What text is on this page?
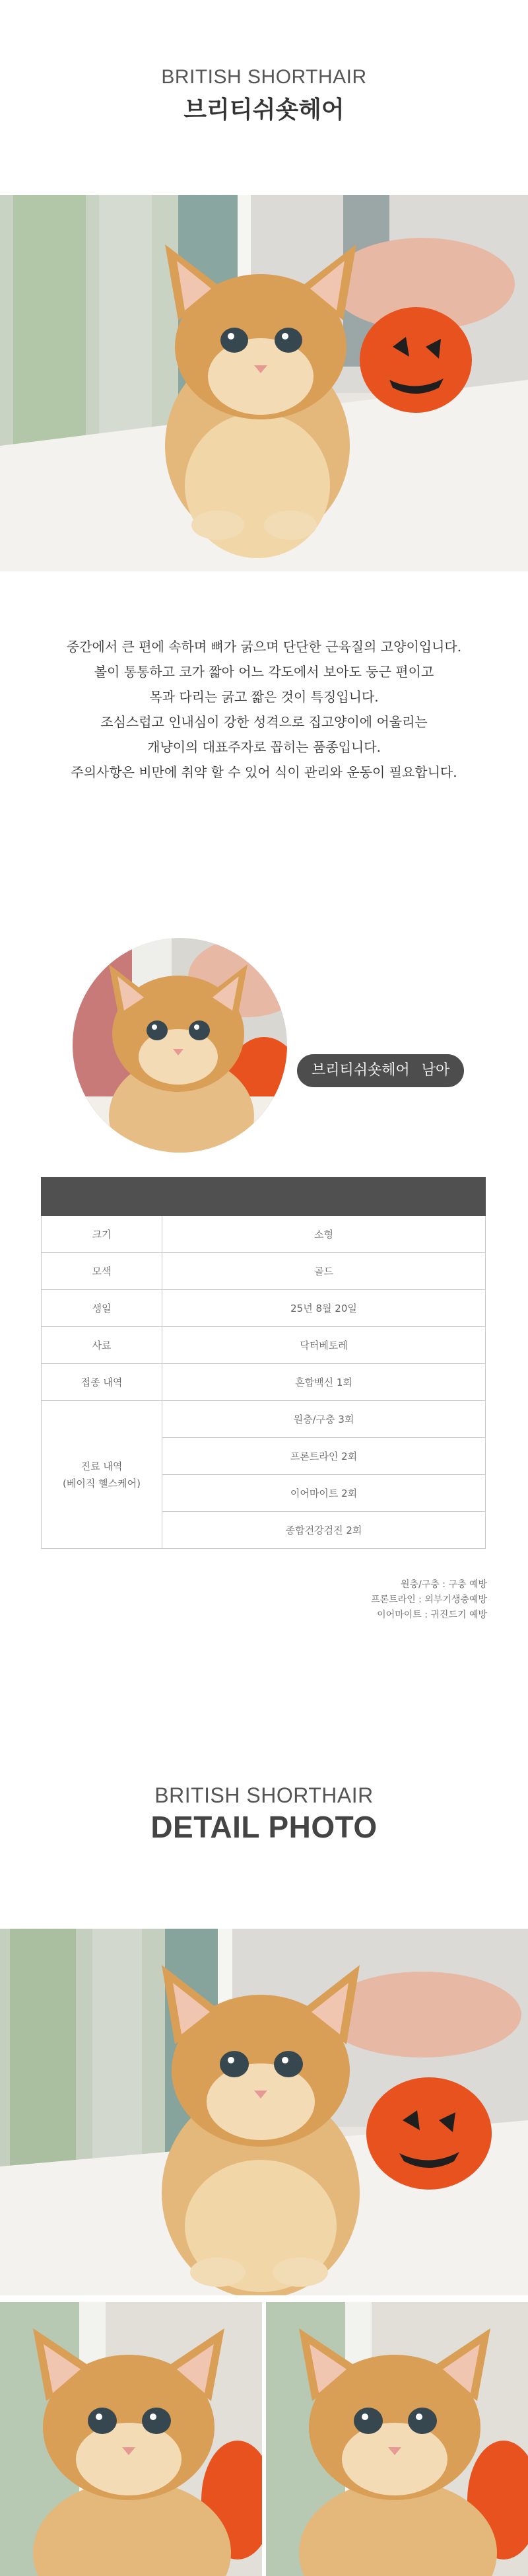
BRITISH SHORTHAIR
브리티쉬숏헤어
중간에서 큰 편에 속하며 뼈가 굵으며 단단한 근육질의 고양이입니다.
볼이 통통하고 코가 짧아 어느 각도에서 보아도 둥근 편이고
목과 다리는 굵고 짧은 것이 특징입니다.
조심스럽고 인내심이 강한 성격으로 집고양이에 어울리는
개냥이의 대표주자로 꼽히는 품종입니다.
주의사항은 비만에 취약 할 수 있어 식이 관리와 운동이 필요합니다.
브리티쉬숏헤어 남아

크기	소형
모색	골드
생일	25년 8월 20일
사료	닥터베토레
접종 내역	혼합백신 1회

진료 내역
(베이직 헬스케어)	원충/구충 3회
	프론트라인 2회
	이어마이트 2회
	종합건강검진 2회
원충/구충 : 구충 예방
프론트라인 : 외부기생충예방
이어마이트 : 귀진드기 예방
BRITISH SHORTHAIR
DETAIL PHOTO
